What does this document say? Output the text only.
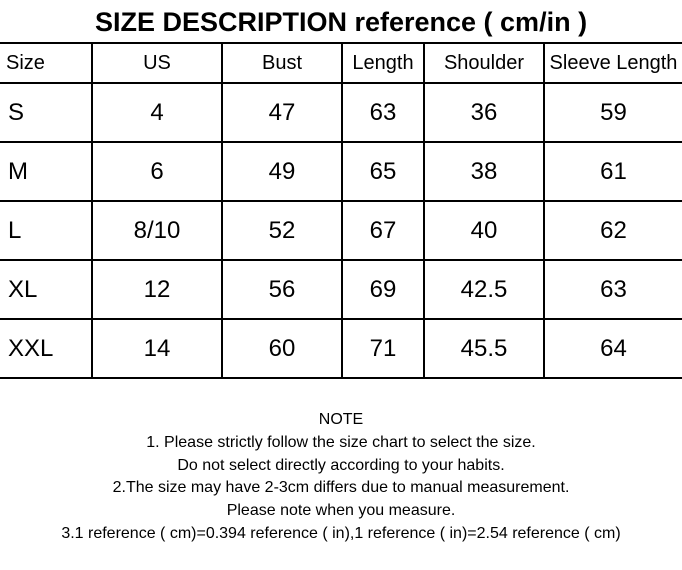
SIZE DESCRIPTION reference ( cm/in )
Size	US	Bust	Length	Shoulder	Sleeve Length
S	4	47	63	36	59
M	6	49	65	38	61
L	8/10	52	67	40	62
XL	12	56	69	42.5	63
XXL	14	60	71	45.5	64
NOTE
1. Please strictly follow the size chart to select the size.
Do not select directly according to your habits.
2.The size may have 2-3cm differs due to manual measurement.
Please note when you measure.
3.1 reference ( cm)=0.394 reference ( in),1 reference ( in)=2.54 reference ( cm)
